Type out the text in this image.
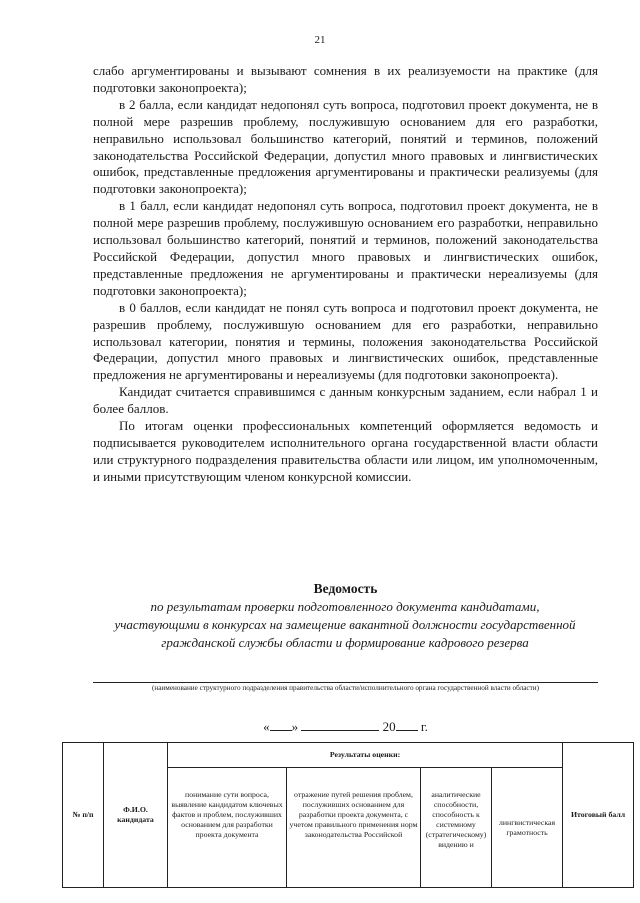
21

слабо аргументированы и вызывают сомнения в их реализуемости на практике (для подготовки законопроекта);

в 2 балла, если кандидат недопонял суть вопроса, подготовил проект документа, не в полной мере разрешив проблему, послужившую основанием для его разработки, неправильно использовал большинство категорий, понятий и терминов, положений законодательства Российской Федерации, допустил много правовых и лингвистических ошибок, представленные предложения аргументированы и практически реализуемы (для подготовки законопроекта);

в 1 балл, если кандидат недопонял суть вопроса, подготовил проект документа, не в полной мере разрешив проблему, послужившую основанием его разработки, неправильно использовал большинство категорий, понятий и терминов, положений законодательства Российской Федерации, допустил много правовых и лингвистических ошибок, представленные предложения не аргументированы и практически нереализуемы (для подготовки законопроекта);

в 0 баллов, если кандидат не понял суть вопроса и подготовил проект документа, не разрешив проблему, послужившую основанием для его разработки, неправильно использовал категории, понятия и термины, положения законодательства Российской Федерации, допустил много правовых и лингвистических ошибок, представленные предложения не аргументированы и нереализуемы (для подготовки законопроекта).

Кандидат считается справившимся с данным конкурсным заданием, если набрал 1 и более баллов.

По итогам оценки профессиональных компетенций оформляется ведомость и подписывается руководителем исполнительного органа государственной власти области или структурного подразделения правительства области или лицом, им уполномоченным, и иными присутствующим членом конкурсной комиссии.

Ведомость
по результатам проверки подготовленного документа кандидатами, участвующими в конкурсах на замещение вакантной должности государственной гражданской службы области и формирование кадрового резерва
(наименование структурного подразделения правительства области/исполнительного органа государственной власти области)
« »	20 г.
№ п/п	Ф.И.О. кандидата	Результаты оценки:				Итоговый балл
		понимание сути вопроса, выявление кандидатом ключевых фактов и проблем, послуживших основанием для разработки проекта документа	отражение путей решения проблем, послуживших основанием для разработки проекта документа, с учетом правильного применения норм законодательства Российской	аналитические способности, способность к системному (стратегическому) видению и	лингвистическая грамотность	
